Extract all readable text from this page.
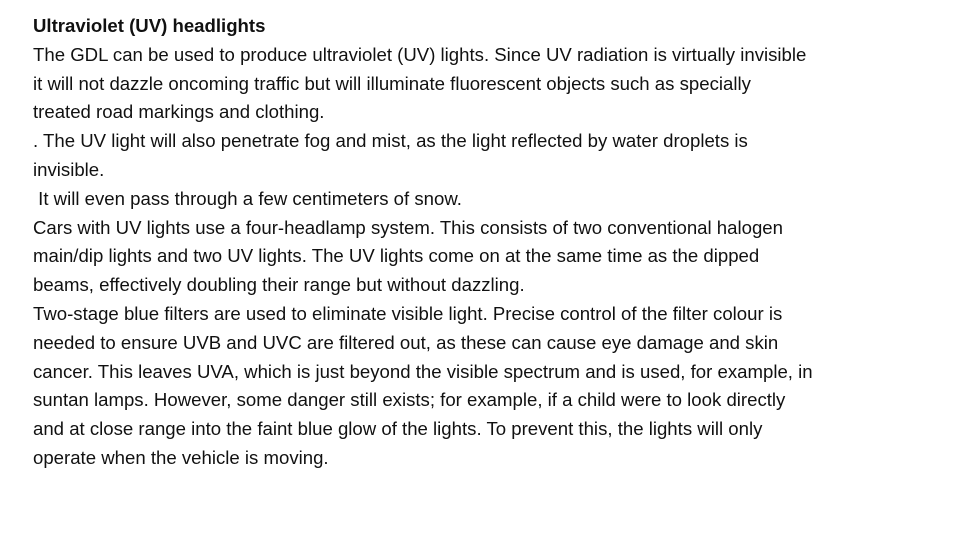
Ultraviolet (UV) headlights
The GDL can be used to produce ultraviolet (UV) lights. Since UV radiation is virtually invisible
it will not dazzle oncoming traffic but will illuminate fluorescent objects such as specially
treated road markings and clothing.
. The UV light will also penetrate fog and mist, as the light reflected by water droplets is
invisible.
It will even pass through a few centimeters of snow.
Cars with UV lights use a four-headlamp system. This consists of two conventional halogen
main/dip lights and two UV lights. The UV lights come on at the same time as the dipped
beams, effectively doubling their range but without dazzling.
Two-stage blue filters are used to eliminate visible light. Precise control of the filter colour is
needed to ensure UVB and UVC are filtered out, as these can cause eye damage and skin
cancer. This leaves UVA, which is just beyond the visible spectrum and is used, for example, in
suntan lamps. However, some danger still exists; for example, if a child were to look directly
and at close range into the faint blue glow of the lights. To prevent this, the lights will only
operate when the vehicle is moving.
